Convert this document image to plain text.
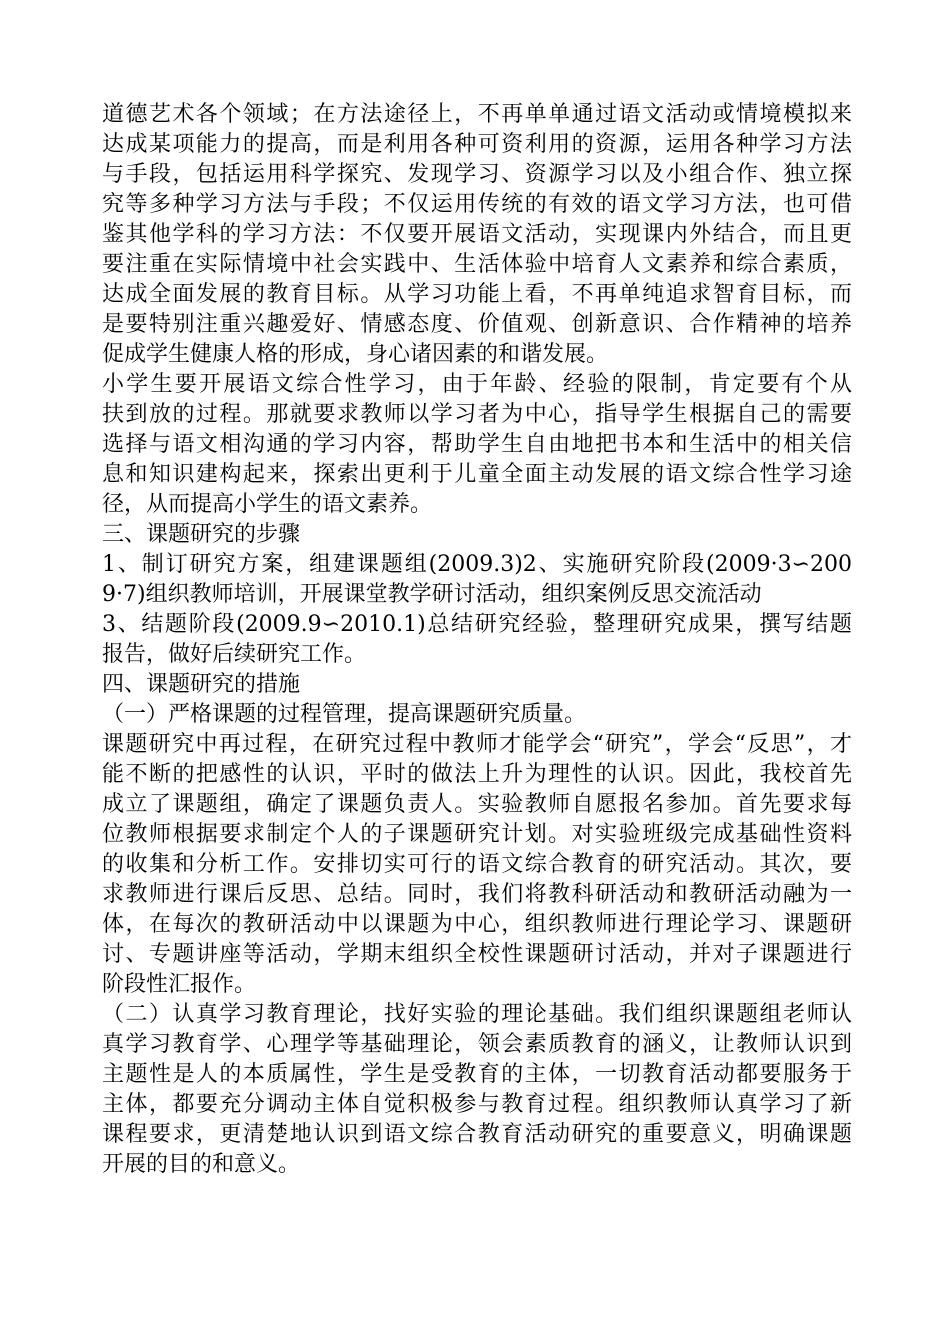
道德艺术各个领域；在方法途径上，不再单单通过语文活动或情境模拟来
达成某项能力的提高，而是利用各种可资利用的资源，运用各种学习方法
与手段，包括运用科学探究、发现学习、资源学习以及小组合作、独立探
究等多种学习方法与手段；不仅运用传统的有效的语文学习方法，也可借
鉴其他学科的学习方法：不仅要开展语文活动，实现课内外结合，而且更
要注重在实际情境中社会实践中、生活体验中培育人文素养和综合素质，
达成全面发展的教育目标。从学习功能上看，不再单纯追求智育目标，而
是要特别注重兴趣爱好、情感态度、价值观、创新意识、合作精神的培养
促成学生健康人格的形成，身心诸因素的和谐发展。
小学生要开展语文综合性学习，由于年龄、经验的限制，肯定要有个从
扶到放的过程。那就要求教师以学习者为中心，指导学生根据自己的需要
选择与语文相沟通的学习内容，帮助学生自由地把书本和生活中的相关信
息和知识建构起来，探索出更利于儿童全面主动发展的语文综合性学习途
径，从而提高小学生的语文素养。
三、课题研究的步骤
1、制订研究方案，组建课题组(2009.3)2、实施研究阶段(2009·3∽200
9·7)组织教师培训，开展课堂教学研讨活动，组织案例反思交流活动
3、结题阶段(2009.9∽2010.1)总结研究经验，整理研究成果，撰写结题
报告，做好后续研究工作。
四、课题研究的措施
（一）严格课题的过程管理，提高课题研究质量。
课题研究中再过程，在研究过程中教师才能学会“研究”，学会“反思”，才
能不断的把感性的认识，平时的做法上升为理性的认识。因此，我校首先
成立了课题组，确定了课题负责人。实验教师自愿报名参加。首先要求每
位教师根据要求制定个人的子课题研究计划。对实验班级完成基础性资料
的收集和分析工作。安排切实可行的语文综合教育的研究活动。其次，要
求教师进行课后反思、总结。同时，我们将教科研活动和教研活动融为一
体，在每次的教研活动中以课题为中心，组织教师进行理论学习、课题研
讨、专题讲座等活动，学期末组织全校性课题研讨活动，并对子课题进行
阶段性汇报作。
（二）认真学习教育理论，找好实验的理论基础。我们组织课题组老师认
真学习教育学、心理学等基础理论，领会素质教育的涵义，让教师认识到
主题性是人的本质属性，学生是受教育的主体，一切教育活动都要服务于
主体，都要充分调动主体自觉积极参与教育过程。组织教师认真学习了新
课程要求，更清楚地认识到语文综合教育活动研究的重要意义，明确课题
开展的目的和意义。
